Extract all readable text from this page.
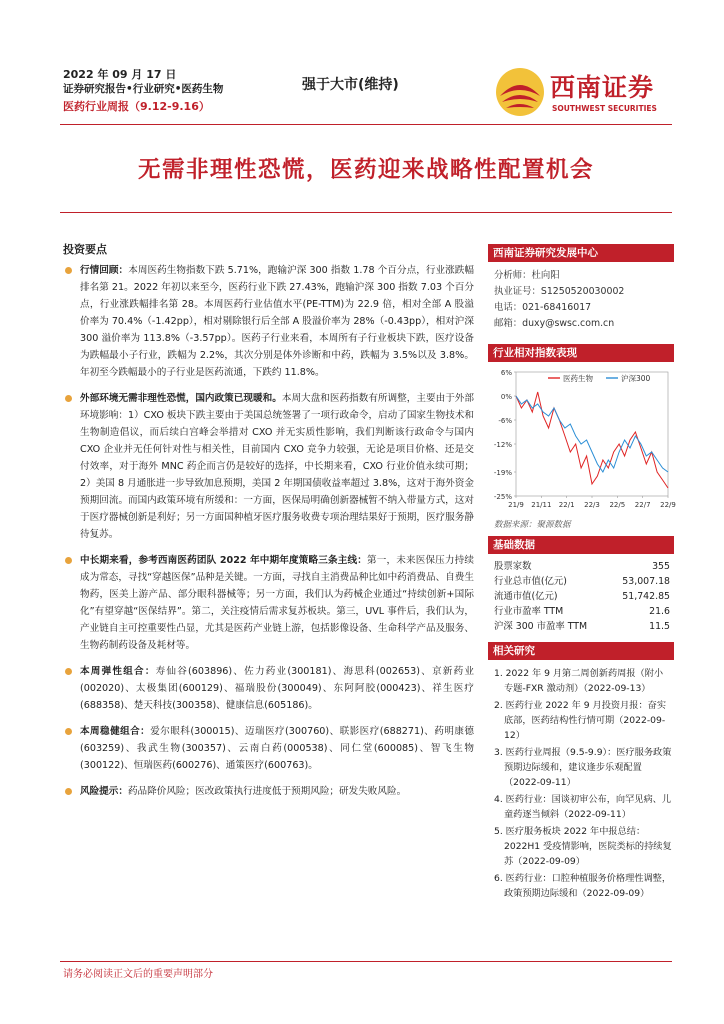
2022 年 09 月 17 日
证券研究报告•行业研究•医药生物
医药行业周报（9.12-9.16）
强于大市(维持)	西南证券
SOUTHWEST SECURITIES
无需非理性恐慌，医药迎来战略性配置机会
投资要点
行情回顾：本周医药生物指数下跌 5.71%，跑输沪深 300 指数 1.78 个百分点，行业涨跌幅排名第 21。2022 年初以来至今，医药行业下跌 27.43%，跑输沪深 300 指数 7.03 个百分点，行业涨跌幅排名第 28。本周医药行业估值水平(PE-TTM)为 22.9 倍，相对全部 A 股溢价率为 70.4%（-1.42pp），相对剔除银行后全部 A 股溢价率为 28%（-0.43pp），相对沪深 300 溢价率为 113.8%（-3.57pp）。医药子行业来看，本周所有子行业板块下跌，医疗设备为跌幅最小子行业，跌幅为 2.2%，其次分别是体外诊断和中药，跌幅为 3.5%以及 3.8%。年初至今跌幅最小的子行业是医药流通，下跌约 11.8%。
外部环境无需非理性恐慌，国内政策已现暖和。本周大盘和医药指数有所调整，主要由于外部环境影响：1）CXO 板块下跌主要由于美国总统签署了一项行政命令，启动了国家生物技术和生物制造倡议，而后续白宫峰会举措对 CXO 并无实质性影响，我们判断该行政命令与国内 CXO 企业并无任何针对性与相关性，目前国内 CXO 竞争力较强，无论是项目价格、还是交付效率，对于海外 MNC 药企而言仍是较好的选择，中长期来看，CXO 行业价值永续可期；2）美国 8 月通胀进一步导致加息预期，美国 2 年期国债收益率超过 3.8%，这对于海外资金预期回流。而国内政策环境有所缓和：一方面，医保局明确创新器械暂不纳入带量方式，这对于医疗器械创新是利好；另一方面国种植牙医疗服务收费专项治理结果好于预期，医疗服务静待复苏。
中长期来看，参考西南医药团队 2022 年中期年度策略三条主线：第一，未来医保压力持续成为常态，寻找“穿越医保”品种是关键。一方面，寻找自主消费品种比如中药消费品、自费生物药，医美上游产品、部分眼科器械等；另一方面，我们认为药械企业通过“持续创新+国际化”有望穿越“医保结界”。第二，关注疫情后需求复苏板块。第三，UVL 事件后，我们认为，产业链自主可控重要性凸显，尤其是医药产业链上游，包括影像设备、生命科学产品及服务、生物药制药设备及耗材等。
本周弹性组合：寿仙谷(603896)、佐力药业(300181)、海思科(002653)、京新药业(002020)、太极集团(600129)、福瑞股份(300049)、东阿阿胶(000423)、祥生医疗(688358)、楚天科技(300358)、健康信息(605186)。
本周稳健组合：爱尔眼科(300015)、迈瑞医疗(300760)、联影医疗(688271)、药明康德(603259)、我武生物(300357)、云南白药(000538)、同仁堂(600085)、智飞生物(300122)、恒瑞医药(600276)、通策医疗(600763)。
风险提示：药品降价风险；医改政策执行进度低于预期风险；研发失败风险。
西南证券研究发展中心
分析师：杜向阳
执业证号：S1250520030002
电话：021-68416017
邮箱：duxy@swsc.com.cn
行业相对指数表现
6%
0%
-6%
-12%
-19%
-25%
21/9 21/11 22/1 22/3 22/5 22/7 22/9
医药生物	沪深300
数据来源：聚源数据
基础数据
股票家数	355
行业总市值(亿元)	53,007.18
流通市值(亿元)	51,742.85
行业市盈率 TTM	21.6
沪深 300 市盈率 TTM	11.5
相关研究
1. 2022 年 9 月第二周创新药周报（附小专题-FXR 激动剂）（2022-09-13）
2. 医药行业 2022 年 9 月投资月报：奋实底部，医药结构性行情可期（2022-09-12）
3. 医药行业周报（9.5-9.9）：医疗服务政策预期边际缓和，建议逢步乐观配置（2022-09-11）
4. 医药行业：国谈初审公布，向罕见病、儿童药逐当倾斜（2022-09-11）
5. 医疗服务板块 2022 年中报总结：2022H1 受疫情影响，医院类标的持续复苏（2022-09-09）
6. 医药行业：口腔种植服务价格理性调整，政策预期边际缓和（2022-09-09）
请务必阅读正文后的重要声明部分
